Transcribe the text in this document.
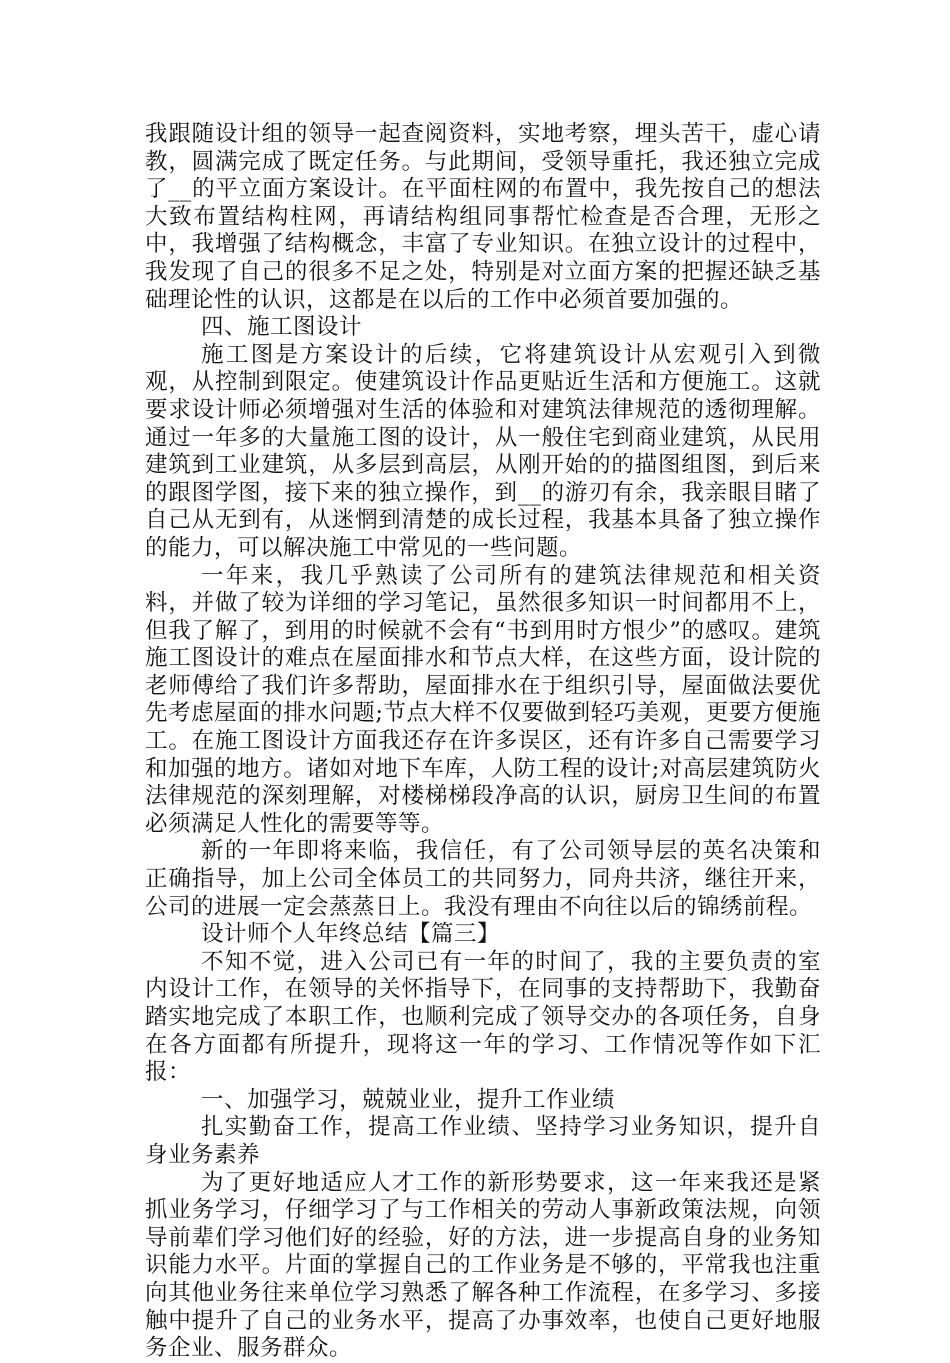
我跟随设计组的领导一起查阅资料，实地考察，埋头苦干，虚心请教，圆满完成了既定任务。与此期间，受领导重托，我还独立完成了__的平立面方案设计。在平面柱网的布置中，我先按自己的想法大致布置结构柱网，再请结构组同事帮忙检查是否合理，无形之中，我增强了结构概念，丰富了专业知识。在独立设计的过程中，我发现了自己的很多不足之处，特别是对立面方案的把握还缺乏基础理论性的认识，这都是在以后的工作中必须首要加强的。

四、施工图设计

施工图是方案设计的后续，它将建筑设计从宏观引入到微观，从控制到限定。使建筑设计作品更贴近生活和方便施工。这就要求设计师必须增强对生活的体验和对建筑法律规范的透彻理解。通过一年多的大量施工图的设计，从一般住宅到商业建筑，从民用建筑到工业建筑，从多层到高层，从刚开始的的描图组图，到后来的跟图学图，接下来的独立操作，到__的游刃有余，我亲眼目睹了自己从无到有，从迷惘到清楚的成长过程，我基本具备了独立操作的能力，可以解决施工中常见的一些问题。

一年来，我几乎熟读了公司所有的建筑法律规范和相关资料，并做了较为详细的学习笔记，虽然很多知识一时间都用不上，但我了解了，到用的时候就不会有“书到用时方恨少”的感叹。建筑施工图设计的难点在屋面排水和节点大样，在这些方面，设计院的老师傅给了我们许多帮助，屋面排水在于组织引导，屋面做法要优先考虑屋面的排水问题;节点大样不仅要做到轻巧美观，更要方便施工。在施工图设计方面我还存在许多误区，还有许多自己需要学习和加强的地方。诸如对地下车库，人防工程的设计;对高层建筑防火法律规范的深刻理解，对楼梯梯段净高的认识，厨房卫生间的布置必须满足人性化的需要等等。

新的一年即将来临，我信任，有了公司领导层的英名决策和正确指导，加上公司全体员工的共同努力，同舟共济，继往开来，公司的进展一定会蒸蒸日上。我没有理由不向往以后的锦绣前程。

设计师个人年终总结【篇三】

不知不觉，进入公司已有一年的时间了，我的主要负责的室内设计工作，在领导的关怀指导下，在同事的支持帮助下，我勤奋踏实地完成了本职工作，也顺利完成了领导交办的各项任务，自身在各方面都有所提升，现将这一年的学习、工作情况等作如下汇报：

一、加强学习，兢兢业业，提升工作业绩

扎实勤奋工作，提高工作业绩、坚持学习业务知识，提升自身业务素养

为了更好地适应人才工作的新形势要求，这一年来我还是紧抓业务学习，仔细学习了与工作相关的劳动人事新政策法规，向领导前辈们学习他们好的经验，好的方法，进一步提高自身的业务知识能力水平。片面的掌握自己的工作业务是不够的，平常我也注重向其他业务往来单位学习熟悉了解各种工作流程，在多学习、多接触中提升了自己的业务水平，提高了办事效率，也使自己更好地服务企业、服务群众。
